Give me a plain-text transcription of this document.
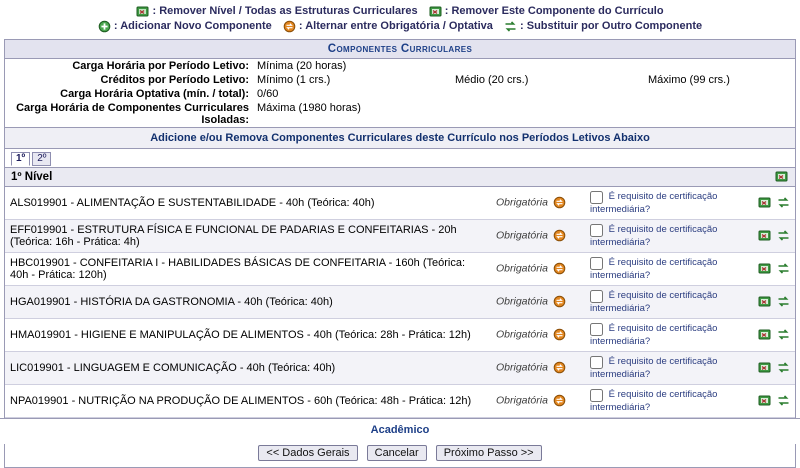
: Remover Nível / Todas as Estruturas Curriculares : Remover Este Componente do Currículo
: Adicionar Novo Componente : Alternar entre Obrigatória / Optativa : Substituir por Outro Componente
Componentes Curriculares
Carga Horária por Período Letivo:	Mínima (20 horas)		
Créditos por Período Letivo:	Mínimo (1 crs.)	Médio (20 crs.)	Máximo (99 crs.)
Carga Horária Optativa (mín. / total):	0/60		
Carga Horária de Componentes Curriculares Isoladas:	Máxima (1980 horas)		
Adicione e/ou Remova Componentes Curriculares deste Currículo nos Períodos Letivos Abaixo
1º 2º
1º Nível
ALS019901 - ALIMENTAÇÃO E SUSTENTABILIDADE - 40h (Teórica: 40h)	Obrigatória	É requisito de certificação intermediária?	

EFF019901 - ESTRUTURA FÍSICA E FUNCIONAL DE PADARIAS E CONFEITARIAS - 20h (Teórica: 16h - Prática: 4h)	Obrigatória	É requisito de certificação intermediária?	

HBC019901 - CONFEITARIA I - HABILIDADES BÁSICAS DE CONFEITARIA - 160h (Teórica: 40h - Prática: 120h)	Obrigatória	É requisito de certificação intermediária?	

HGA019901 - HISTÓRIA DA GASTRONOMIA - 40h (Teórica: 40h)	Obrigatória	É requisito de certificação intermediária?	

HMA019901 - HIGIENE E MANIPULAÇÃO DE ALIMENTOS - 40h (Teórica: 28h - Prática: 12h)	Obrigatória	É requisito de certificação intermediária?	

LIC019901 - LINGUAGEM E COMUNICAÇÃO - 40h (Teórica: 40h)	Obrigatória	É requisito de certificação intermediária?	

NPA019901 - NUTRIÇÃO NA PRODUÇÃO DE ALIMENTOS - 60h (Teórica: 48h - Prática: 12h)	Obrigatória	É requisito de certificação intermediária?	

<< Dados Gerais Cancelar Próximo Passo >>
Acadêmico
